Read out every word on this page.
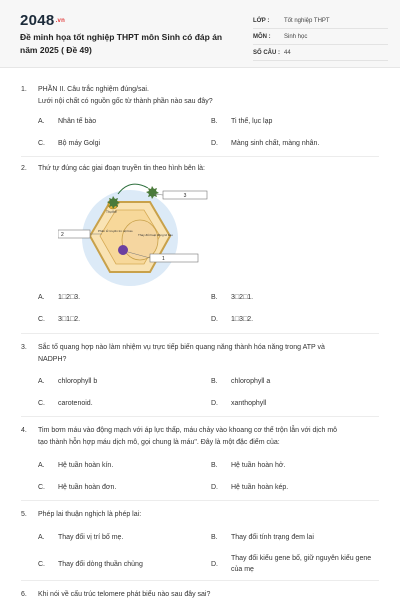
2048.vn
Đề minh họa tốt nghiệp THPT môn Sinh có đáp án năm 2025 ( Đề 49)
LỚP :	Tốt nghiệp THPT
MÔN :	Sinh học
SỐ CÂU : 44
1. PHẦN II. Câu trắc nghiệm đúng/sai.
Lưới nội chất có nguồn gốc từ thành phần nào sau đây?
A. Nhân tế bào	B. Ti thể, lục lạp
C. Bộ máy Golgi	D. Màng sinh chất, màng nhân.
2. Thứ tự đúng các giai đoạn truyền tin theo hình bên là:
Thụ thể
Phân tử truyền tin nội bào
Thay đổi hoạt động tế bào
3
2
1
A. 1□2□3.	B. 3□2□1.
C. 3□1□2.	D. 1□3□2.
3. Sắc tố quang hợp nào làm nhiệm vụ trực tiếp biến quang năng thành hóa năng trong ATP và
NADPH?
A. chlorophyll b	B. chlorophyll a
C. carotenoid.	D. xanthophyll
4. Tim bơm máu vào động mạch với áp lực thấp, máu chảy vào khoang cơ thể trộn lẫn với dịch mô
tạo thành hỗn hợp máu dịch mô, gọi chung là máu". Đây là một đặc điểm của:
A. Hệ tuần hoàn kín.	B. Hệ tuần hoàn hở.
C. Hệ tuần hoàn đơn.	D. Hệ tuần hoàn kép.
5. Phép lai thuận nghịch là phép lai:
A. Thay đổi vị trí bố mẹ.	B. Thay đổi tính trạng đem lai
C. Thay đổi dòng thuần chủng	D.
Thay đổi kiểu gene bố, giữ nguyên kiểu gene của mẹ
6. Khi nói về cấu trúc telomere phát biểu nào sau đây sai?
